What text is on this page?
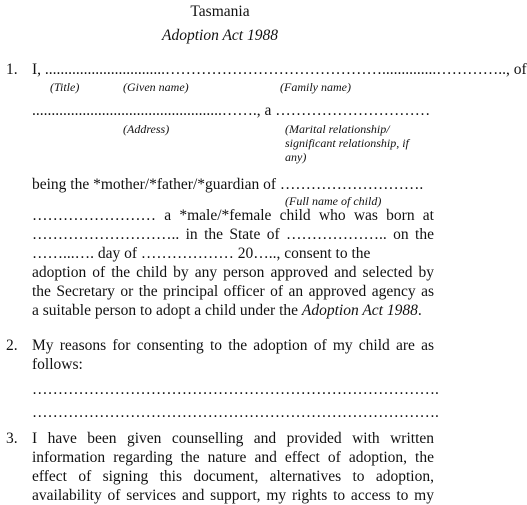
Tasmania
Adoption Act 1988
1. I, ...............................……………………………………..............………….., of
(Title)	(Given name)	(Family name)
.................................................……., a …………………………
(Address)	(Marital relationship/
significant relationship, if
any)
being the *mother/*father/*guardian of ……………………….
(Full name of child)
…………………… a *male/*female child who was born at
……………………….. in the State of ……………….. on the
……...…. day of ……………… 20….., consent to the
adoption of the child by any person approved and selected by
the Secretary or the principal officer of an approved agency as
a suitable person to adopt a child under the Adoption Act 1988.
2. My reasons for consenting to the adoption of my child are as
follows:
…………………………………………………………………….
…………………………………………………………………….
3. I have been given counselling and provided with written
information regarding the nature and effect of adoption, the
effect of signing this document, alternatives to adoption,
availability of services and support, my rights to access to my
